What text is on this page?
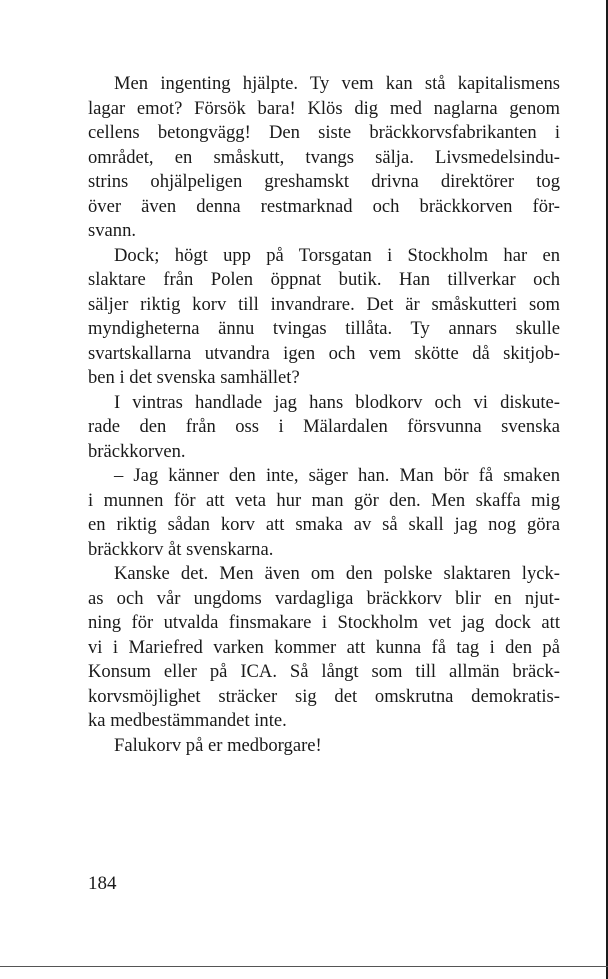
Men ingenting hjälpte. Ty vem kan stå kapitalismens
lagar emot? Försök bara! Klös dig med naglarna genom
cellens betongvägg! Den siste bräckkorvsfabrikanten i
området, en småskutt, tvangs sälja. Livsmedelsindu-
strins ohjälpeligen greshamskt drivna direktörer tog
över även denna restmarknad och bräckkorven för-
svann.
Dock; högt upp på Torsgatan i Stockholm har en
slaktare från Polen öppnat butik. Han tillverkar och
säljer riktig korv till invandrare. Det är småskutteri som
myndigheterna ännu tvingas tillåta. Ty annars skulle
svartskallarna utvandra igen och vem skötte då skitjob-
ben i det svenska samhället?
I vintras handlade jag hans blodkorv och vi diskute-
rade den från oss i Mälardalen försvunna svenska
bräckkorven.
– Jag känner den inte, säger han. Man bör få smaken
i munnen för att veta hur man gör den. Men skaffa mig
en riktig sådan korv att smaka av så skall jag nog göra
bräckkorv åt svenskarna.
Kanske det. Men även om den polske slaktaren lyck-
as och vår ungdoms vardagliga bräckkorv blir en njut-
ning för utvalda finsmakare i Stockholm vet jag dock att
vi i Mariefred varken kommer att kunna få tag i den på
Konsum eller på ICA. Så långt som till allmän bräck-
korvsmöjlighet sträcker sig det omskrutna demokratis-
ka medbestämmandet inte.
Falukorv på er medborgare!
184
